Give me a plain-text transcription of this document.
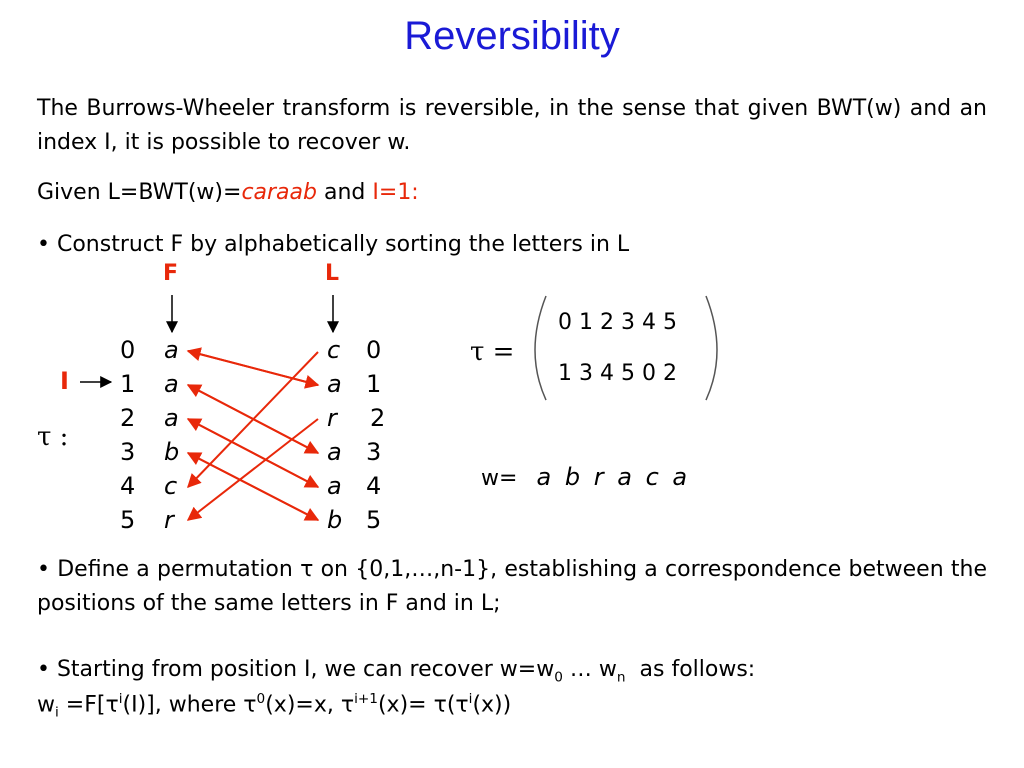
Reversibility
The Burrows-Wheeler transform is reversible, in the sense that given BWT(w) and an index I, it is possible to recover w.
Given L=BWT(w)=caraab and I=1:
• Construct F by alphabetically sorting the letters in L
F	L
I
τ :
0
1
2
3
4
5
a
a
a
b
c
r
c
a
r
a
a
b
0
1
2
3
4
5
τ =
0 1 2 3 4 5
1 3 4 5 0 2
w= a b r a c a
• Define a permutation τ on {0,1,…,n-1}, establishing a correspondence between the positions of the same letters in F and in L;
• Starting from position I, we can recover $w=w_0$ … $w_n$  as follows:
$w_i =F[\tau^i(I)]$, where $\tau^0(x)=x$, $\tau^{i+1}(x)= \tau(\tau^i(x))$
